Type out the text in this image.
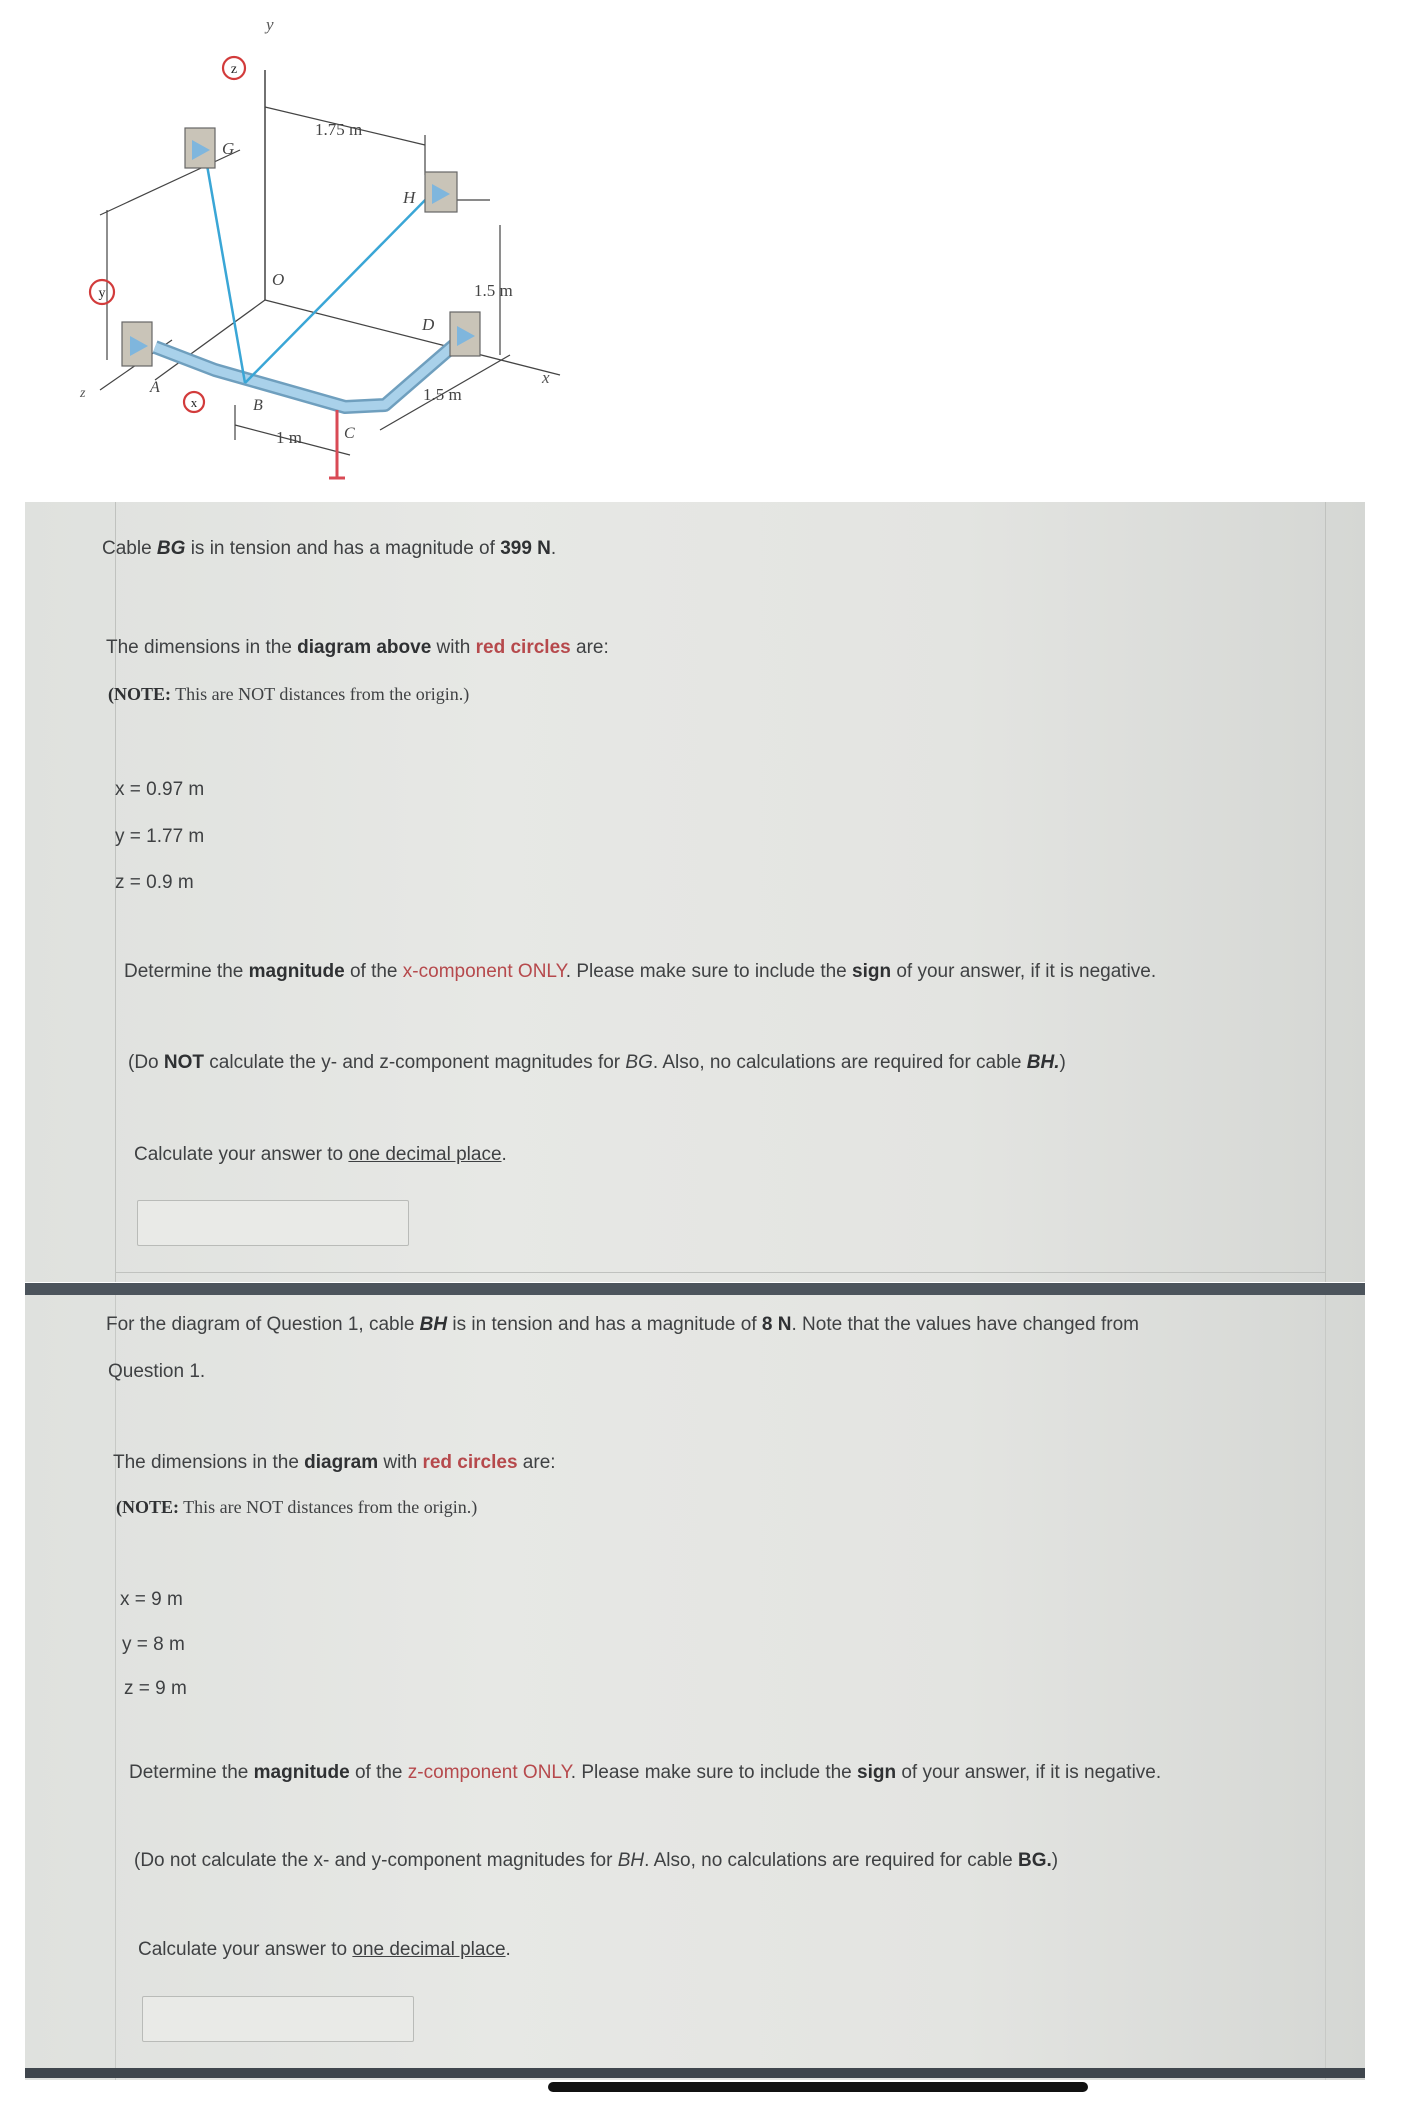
z
y
x
y
z
x
G
H
O
D
A
B
C
1.75 m
1.5 m
1.5 m
1 m
Cable BG is in tension and has a magnitude of 399 N.
The dimensions in the diagram above with red circles are:
(NOTE: This are NOT distances from the origin.)
x = 0.97 m
y = 1.77 m
z = 0.9 m
Determine the magnitude of the x-component ONLY. Please make sure to include the sign of your answer, if it is negative.
(Do NOT calculate the y- and z-component magnitudes for BG. Also, no calculations are required for cable BH.)
Calculate your answer to one decimal place.
For the diagram of Question 1, cable BH is in tension and has a magnitude of 8 N. Note that the values have changed from
Question 1.
The dimensions in the diagram with red circles are:
(NOTE: This are NOT distances from the origin.)
x = 9 m
y = 8 m
z = 9 m
Determine the magnitude of the z-component ONLY. Please make sure to include the sign of your answer, if it is negative.
(Do not calculate the x- and y-component magnitudes for BH. Also, no calculations are required for cable BG.)
Calculate your answer to one decimal place.
